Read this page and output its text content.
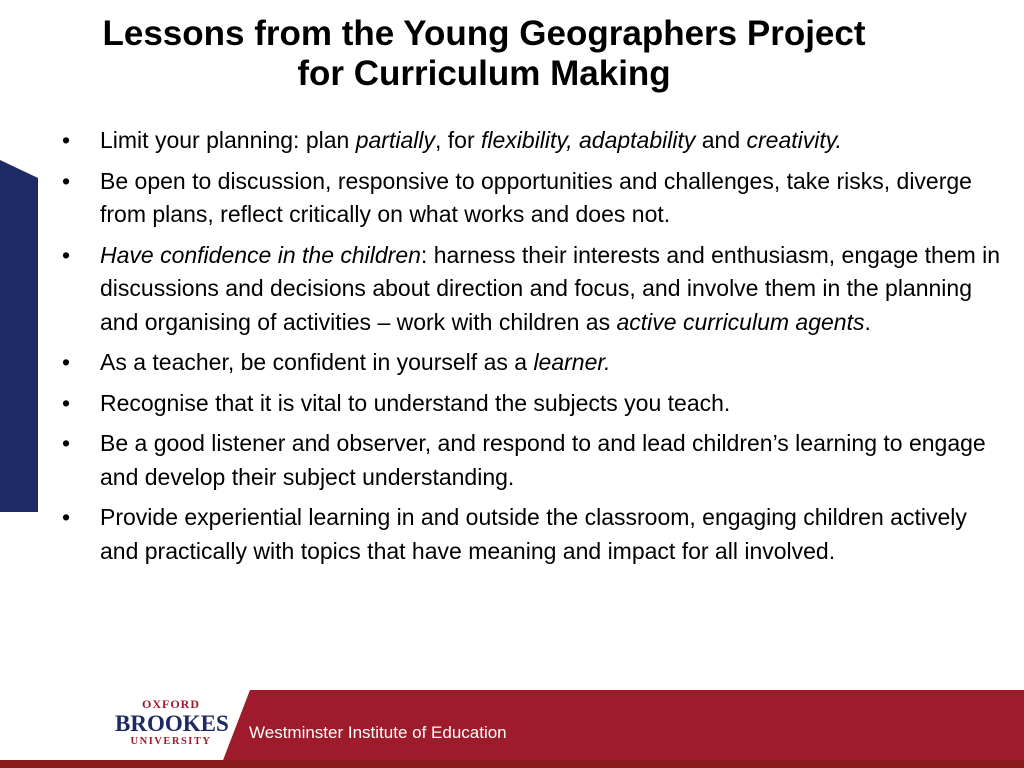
Lessons from the Young Geographers Project
for Curriculum Making
• Limit your planning: plan partially, for flexibility, adaptability and creativity.
• Be open to discussion, responsive to opportunities and challenges, take risks, diverge from plans, reflect critically on what works and does not.
• Have confidence in the children: harness their interests and enthusiasm, engage them in discussions and decisions about direction and focus, and involve them in the planning and organising of activities – work with children as active curriculum agents.
• As a teacher, be confident in yourself as a learner.
• Recognise that it is vital to understand the subjects you teach.
• Be a good listener and observer, and respond to and lead children’s learning to engage and develop their subject understanding.
• Provide experiential learning in and outside the classroom, engaging children actively and practically with topics that have meaning and impact for all involved.
OXFORD
BROOKES
UNIVERSITY	Westminster Institute of Education
